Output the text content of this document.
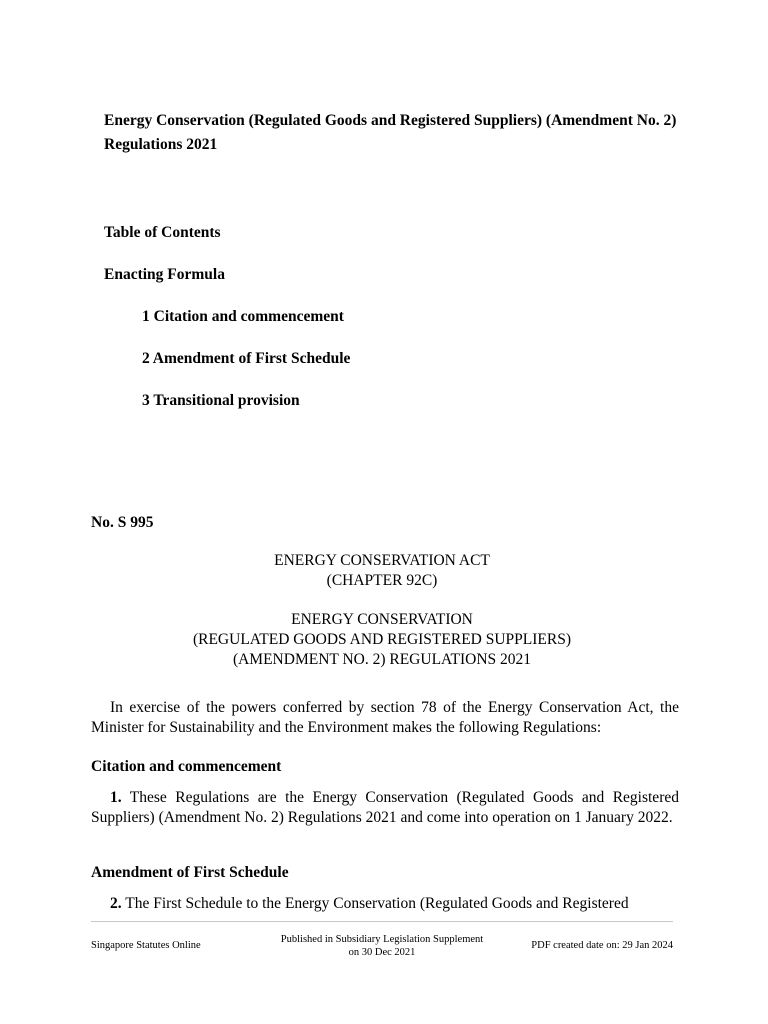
Energy Conservation (Regulated Goods and Registered Suppliers) (Amendment No. 2) Regulations 2021
Table of Contents
Enacting Formula
1 Citation and commencement
2 Amendment of First Schedule
3 Transitional provision
No. S 995
ENERGY CONSERVATION ACT
(CHAPTER 92C)
ENERGY CONSERVATION
(REGULATED GOODS AND REGISTERED SUPPLIERS)
(AMENDMENT NO. 2) REGULATIONS 2021
In exercise of the powers conferred by section 78 of the Energy Conservation Act, the Minister for Sustainability and the Environment makes the following Regulations:
Citation and commencement
1. These Regulations are the Energy Conservation (Regulated Goods and Registered Suppliers) (Amendment No. 2) Regulations 2021 and come into operation on 1 January 2022.
Amendment of First Schedule
2. The First Schedule to the Energy Conservation (Regulated Goods and Registered
Singapore Statutes Online
Published in Subsidiary Legislation Supplement
on 30 Dec 2021
PDF created date on: 29 Jan 2024
